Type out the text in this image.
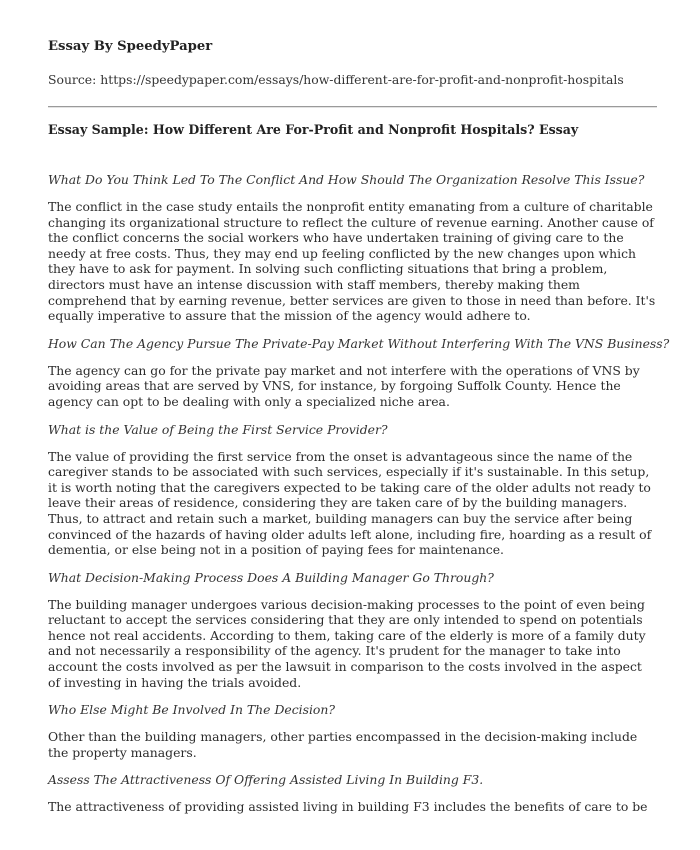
Essay By SpeedyPaper

Source: https://speedypaper.com/essays/how-different-are-for-profit-and-nonprofit-hospitals

Essay Sample: How Different Are For-Profit and Nonprofit Hospitals? Essay

What Do You Think Led To The Conflict And How Should The Organization Resolve This Issue?

The conflict in the case study entails the nonprofit entity emanating from a culture of charitable changing its organizational structure to reflect the culture of revenue earning. Another cause of the conflict concerns the social workers who have undertaken training of giving care to the needy at free costs. Thus, they may end up feeling conflicted by the new changes upon which they have to ask for payment. In solving such conflicting situations that bring a problem, directors must have an intense discussion with staff members, thereby making them comprehend that by earning revenue, better services are given to those in need than before. It's equally imperative to assure that the mission of the agency would adhere to.

How Can The Agency Pursue The Private-Pay Market Without Interfering With The VNS Business?

The agency can go for the private pay market and not interfere with the operations of VNS by avoiding areas that are served by VNS, for instance, by forgoing Suffolk County. Hence the agency can opt to be dealing with only a specialized niche area.

What is the Value of Being the First Service Provider?

The value of providing the first service from the onset is advantageous since the name of the caregiver stands to be associated with such services, especially if it's sustainable. In this setup, it is worth noting that the caregivers expected to be taking care of the older adults not ready to leave their areas of residence, considering they are taken care of by the building managers. Thus, to attract and retain such a market, building managers can buy the service after being convinced of the hazards of having older adults left alone, including fire, hoarding as a result of dementia, or else being not in a position of paying fees for maintenance.

What Decision-Making Process Does A Building Manager Go Through?

The building manager undergoes various decision-making processes to the point of even being reluctant to accept the services considering that they are only intended to spend on potentials hence not real accidents. According to them, taking care of the elderly is more of a family duty and not necessarily a responsibility of the agency. It's prudent for the manager to take into account the costs involved as per the lawsuit in comparison to the costs involved in the aspect of investing in having the trials avoided.

Who Else Might Be Involved In The Decision?

Other than the building managers, other parties encompassed in the decision-making include the property managers.

Assess The Attractiveness Of Offering Assisted Living In Building F3.

The attractiveness of providing assisted living in building F3 includes the benefits of care to be
